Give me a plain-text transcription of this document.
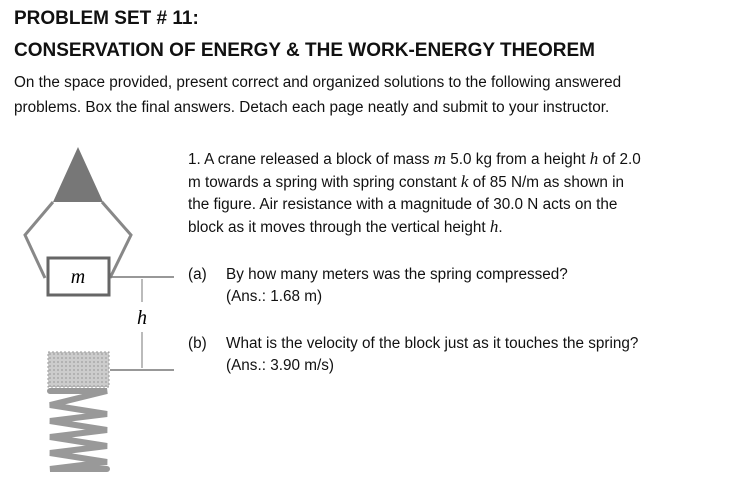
PROBLEM SET # 11:
CONSERVATION OF ENERGY & THE WORK-ENERGY THEOREM
On the space provided, present correct and organized solutions to the following answered
problems. Box the final answers. Detach each page neatly and submit to your instructor.
1. A crane released a block of mass m 5.0 kg from a height h of 2.0
m towards a spring with spring constant k of 85 N/m as shown in
the figure. Air resistance with a magnitude of 30.0 N acts on the
block as it moves through the vertical height h.
(a) By how many meters was the spring compressed?
(Ans.: 1.68 m)
(b) What is the velocity of the block just as it touches the spring?
(Ans.: 3.90 m/s)
m
h
